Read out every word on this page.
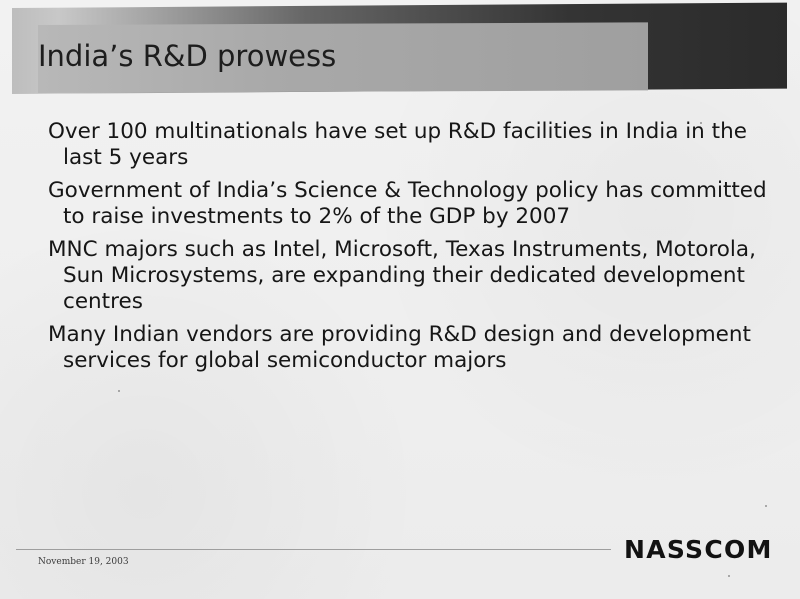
India’s R&D prowess
Over 100 multinationals have set up R&D facilities in India in the last 5 years
Government of India’s Science & Technology policy has committed to raise investments to 2% of the GDP by 2007
MNC majors such as Intel, Microsoft, Texas Instruments, Motorola, Sun Microsystems, are expanding their dedicated development centres
Many Indian vendors are providing R&D design and development services for global semiconductor majors
November 19, 2003	NASSCOM
